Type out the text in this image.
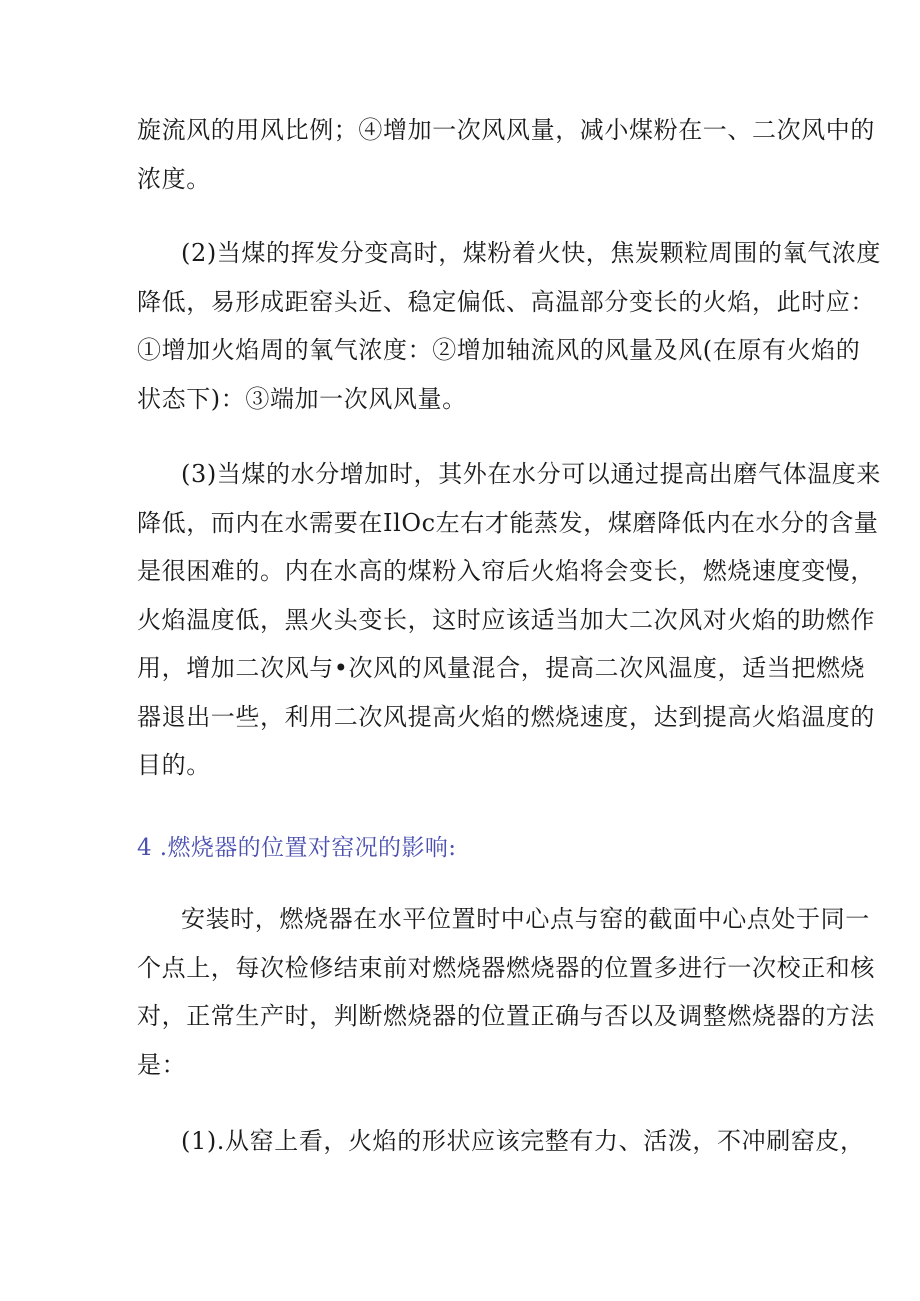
旋流风的用风比例；④增加一次风风量，减小煤粉在一、二次风中的
浓度。
(2)当煤的挥发分变高时，煤粉着火快，焦炭颗粒周围的氧气浓度
降低，易形成距窑头近、稳定偏低、高温部分变长的火焰，此时应：
①增加火焰周的氧气浓度：②增加轴流风的风量及风(在原有火焰的
状态下)：③端加一次风风量。
(3)当煤的水分增加时，其外在水分可以通过提高出磨气体温度来
降低，而内在水需要在IlOc左右才能蒸发，煤磨降低内在水分的含量
是很困难的。内在水高的煤粉入帘后火焰将会变长，燃烧速度变慢，
火焰温度低，黑火头变长，这时应该适当加大二次风对火焰的助燃作
用，增加二次风与•次风的风量混合，提高二次风温度，适当把燃烧
器退出一些，利用二次风提高火焰的燃烧速度，达到提高火焰温度的
目的。
4 .燃烧器的位置对窑况的影响:
安装时，燃烧器在水平位置时中心点与窑的截面中心点处于同一
个点上，每次检修结束前对燃烧器燃烧器的位置多进行一次校正和核
对，正常生产时，判断燃烧器的位置正确与否以及调整燃烧器的方法
是：
(1).从窑上看，火焰的形状应该完整有力、活泼，不冲刷窑皮，
